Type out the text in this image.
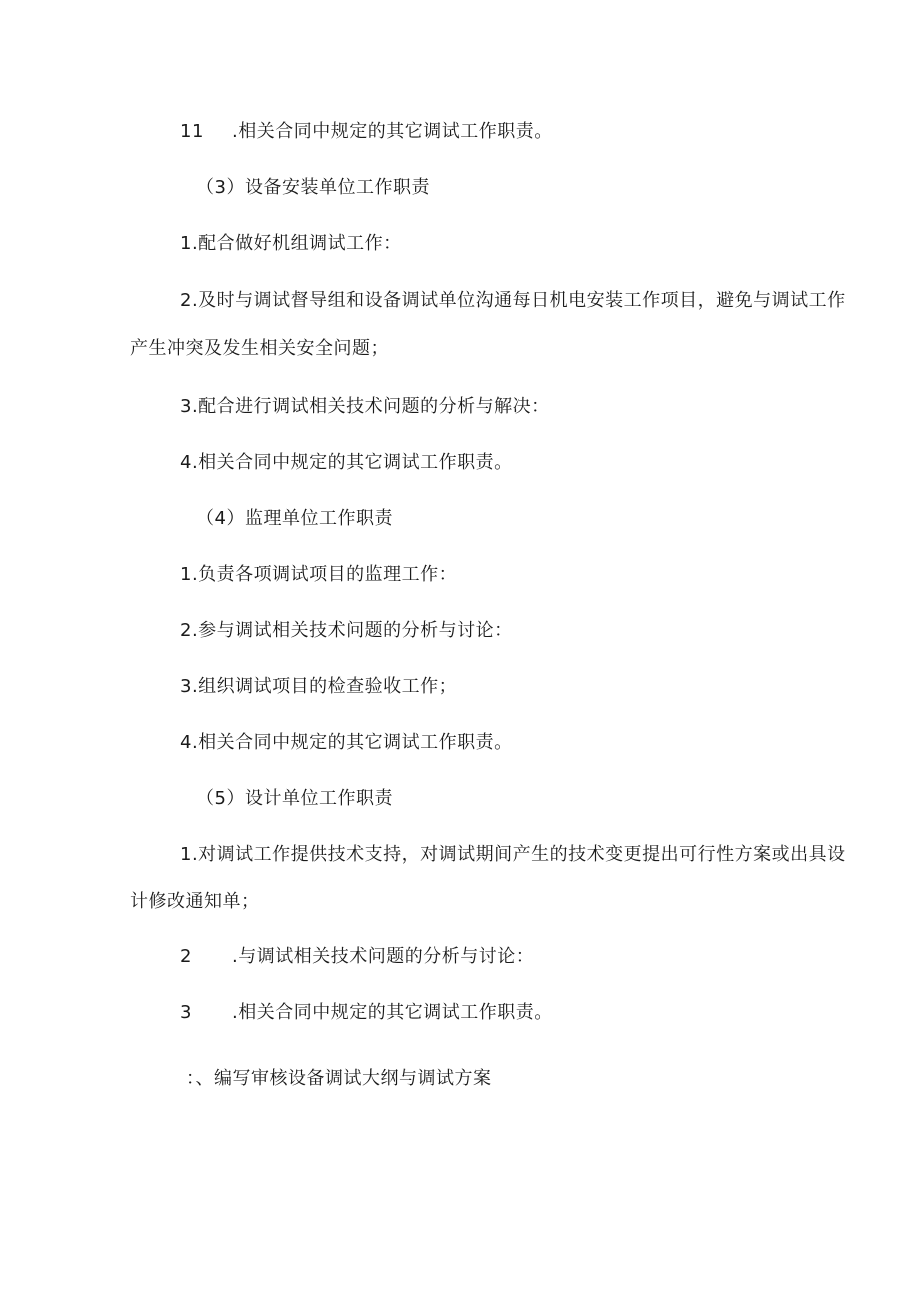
11 .相关合同中规定的其它调试工作职责。
（3）设备安装单位工作职责
1.配合做好机组调试工作：
2.及时与调试督导组和设备调试单位沟通每日机电安装工作项目，避免与调试工作
产生冲突及发生相关安全问题；
3.配合进行调试相关技术问题的分析与解决：
4.相关合同中规定的其它调试工作职责。
（4）监理单位工作职责
1.负责各项调试项目的监理工作：
2.参与调试相关技术问题的分析与讨论：
3.组织调试项目的检查验收工作；
4.相关合同中规定的其它调试工作职责。
（5）设计单位工作职责
1.对调试工作提供技术支持，对调试期间产生的技术变更提出可行性方案或出具设
计修改通知单；
2 .与调试相关技术问题的分析与讨论：
3 .相关合同中规定的其它调试工作职责。
：、编写审核设备调试大纲与调试方案
